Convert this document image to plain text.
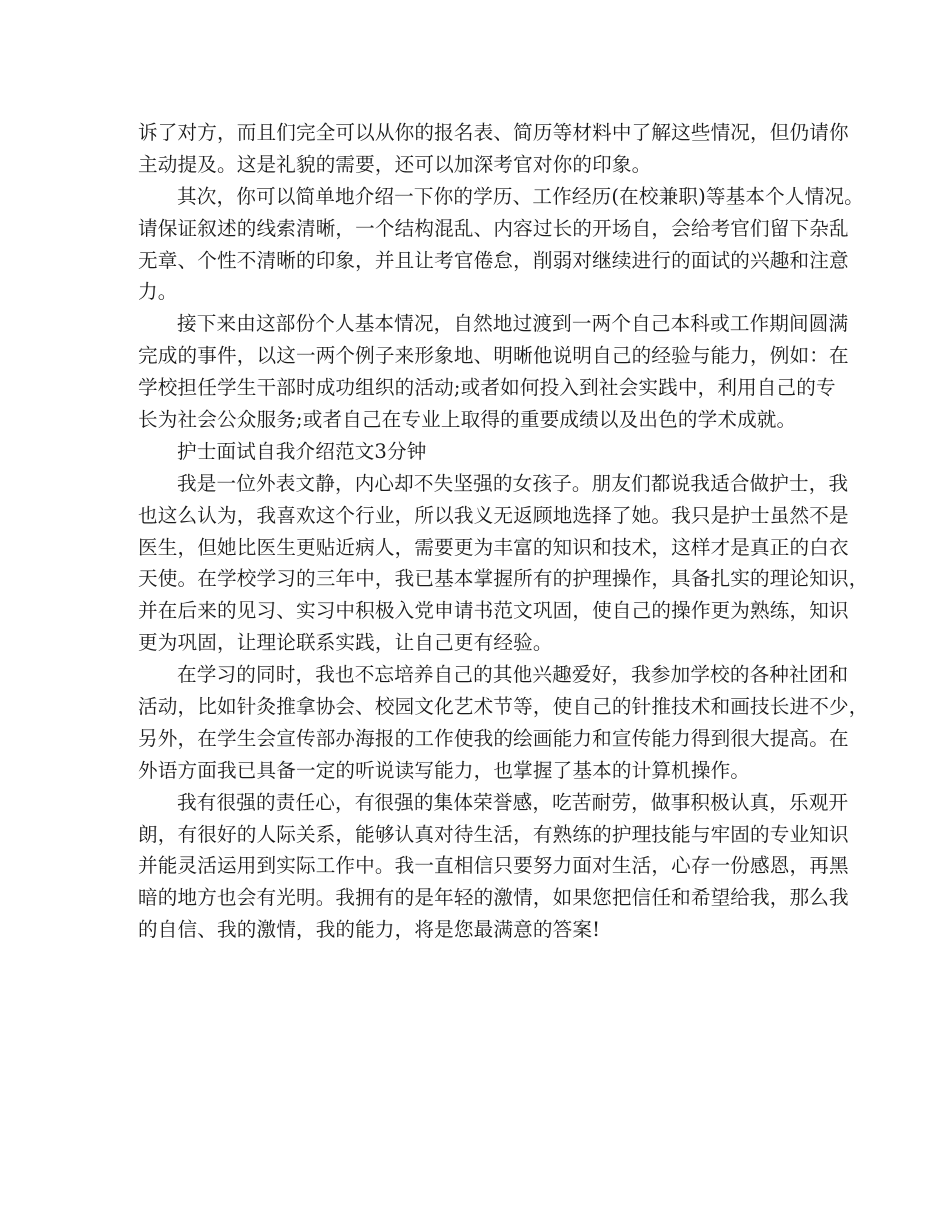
诉了对方，而且们完全可以从你的报名表、简历等材料中了解这些情况，但仍请你
主动提及。这是礼貌的需要，还可以加深考官对你的印象。
其次，你可以简单地介绍一下你的学历、工作经历(在校兼职)等基本个人情况。
请保证叙述的线索清晰，一个结构混乱、内容过长的开场自，会给考官们留下杂乱
无章、个性不清晰的印象，并且让考官倦怠，削弱对继续进行的面试的兴趣和注意
力。
接下来由这部份个人基本情况，自然地过渡到一两个自己本科或工作期间圆满
完成的事件，以这一两个例子来形象地、明晰他说明自己的经验与能力，例如：在
学校担任学生干部时成功组织的活动;或者如何投入到社会实践中，利用自己的专
长为社会公众服务;或者自己在专业上取得的重要成绩以及出色的学术成就。
护士面试自我介绍范文3分钟
我是一位外表文静，内心却不失坚强的女孩子。朋友们都说我适合做护士，我
也这么认为，我喜欢这个行业，所以我义无返顾地选择了她。我只是护士虽然不是
医生，但她比医生更贴近病人，需要更为丰富的知识和技术，这样才是真正的白衣
天使。在学校学习的三年中，我已基本掌握所有的护理操作，具备扎实的理论知识，
并在后来的见习、实习中积极入党申请书范文巩固，使自己的操作更为熟练，知识
更为巩固，让理论联系实践，让自己更有经验。
在学习的同时，我也不忘培养自己的其他兴趣爱好，我参加学校的各种社团和
活动，比如针灸推拿协会、校园文化艺术节等，使自己的针推技术和画技长进不少，
另外，在学生会宣传部办海报的工作使我的绘画能力和宣传能力得到很大提高。在
外语方面我已具备一定的听说读写能力，也掌握了基本的计算机操作。
我有很强的责任心，有很强的集体荣誉感，吃苦耐劳，做事积极认真，乐观开
朗，有很好的人际关系，能够认真对待生活，有熟练的护理技能与牢固的专业知识
并能灵活运用到实际工作中。我一直相信只要努力面对生活，心存一份感恩，再黑
暗的地方也会有光明。我拥有的是年轻的激情，如果您把信任和希望给我，那么我
的自信、我的激情，我的能力，将是您最满意的答案!
